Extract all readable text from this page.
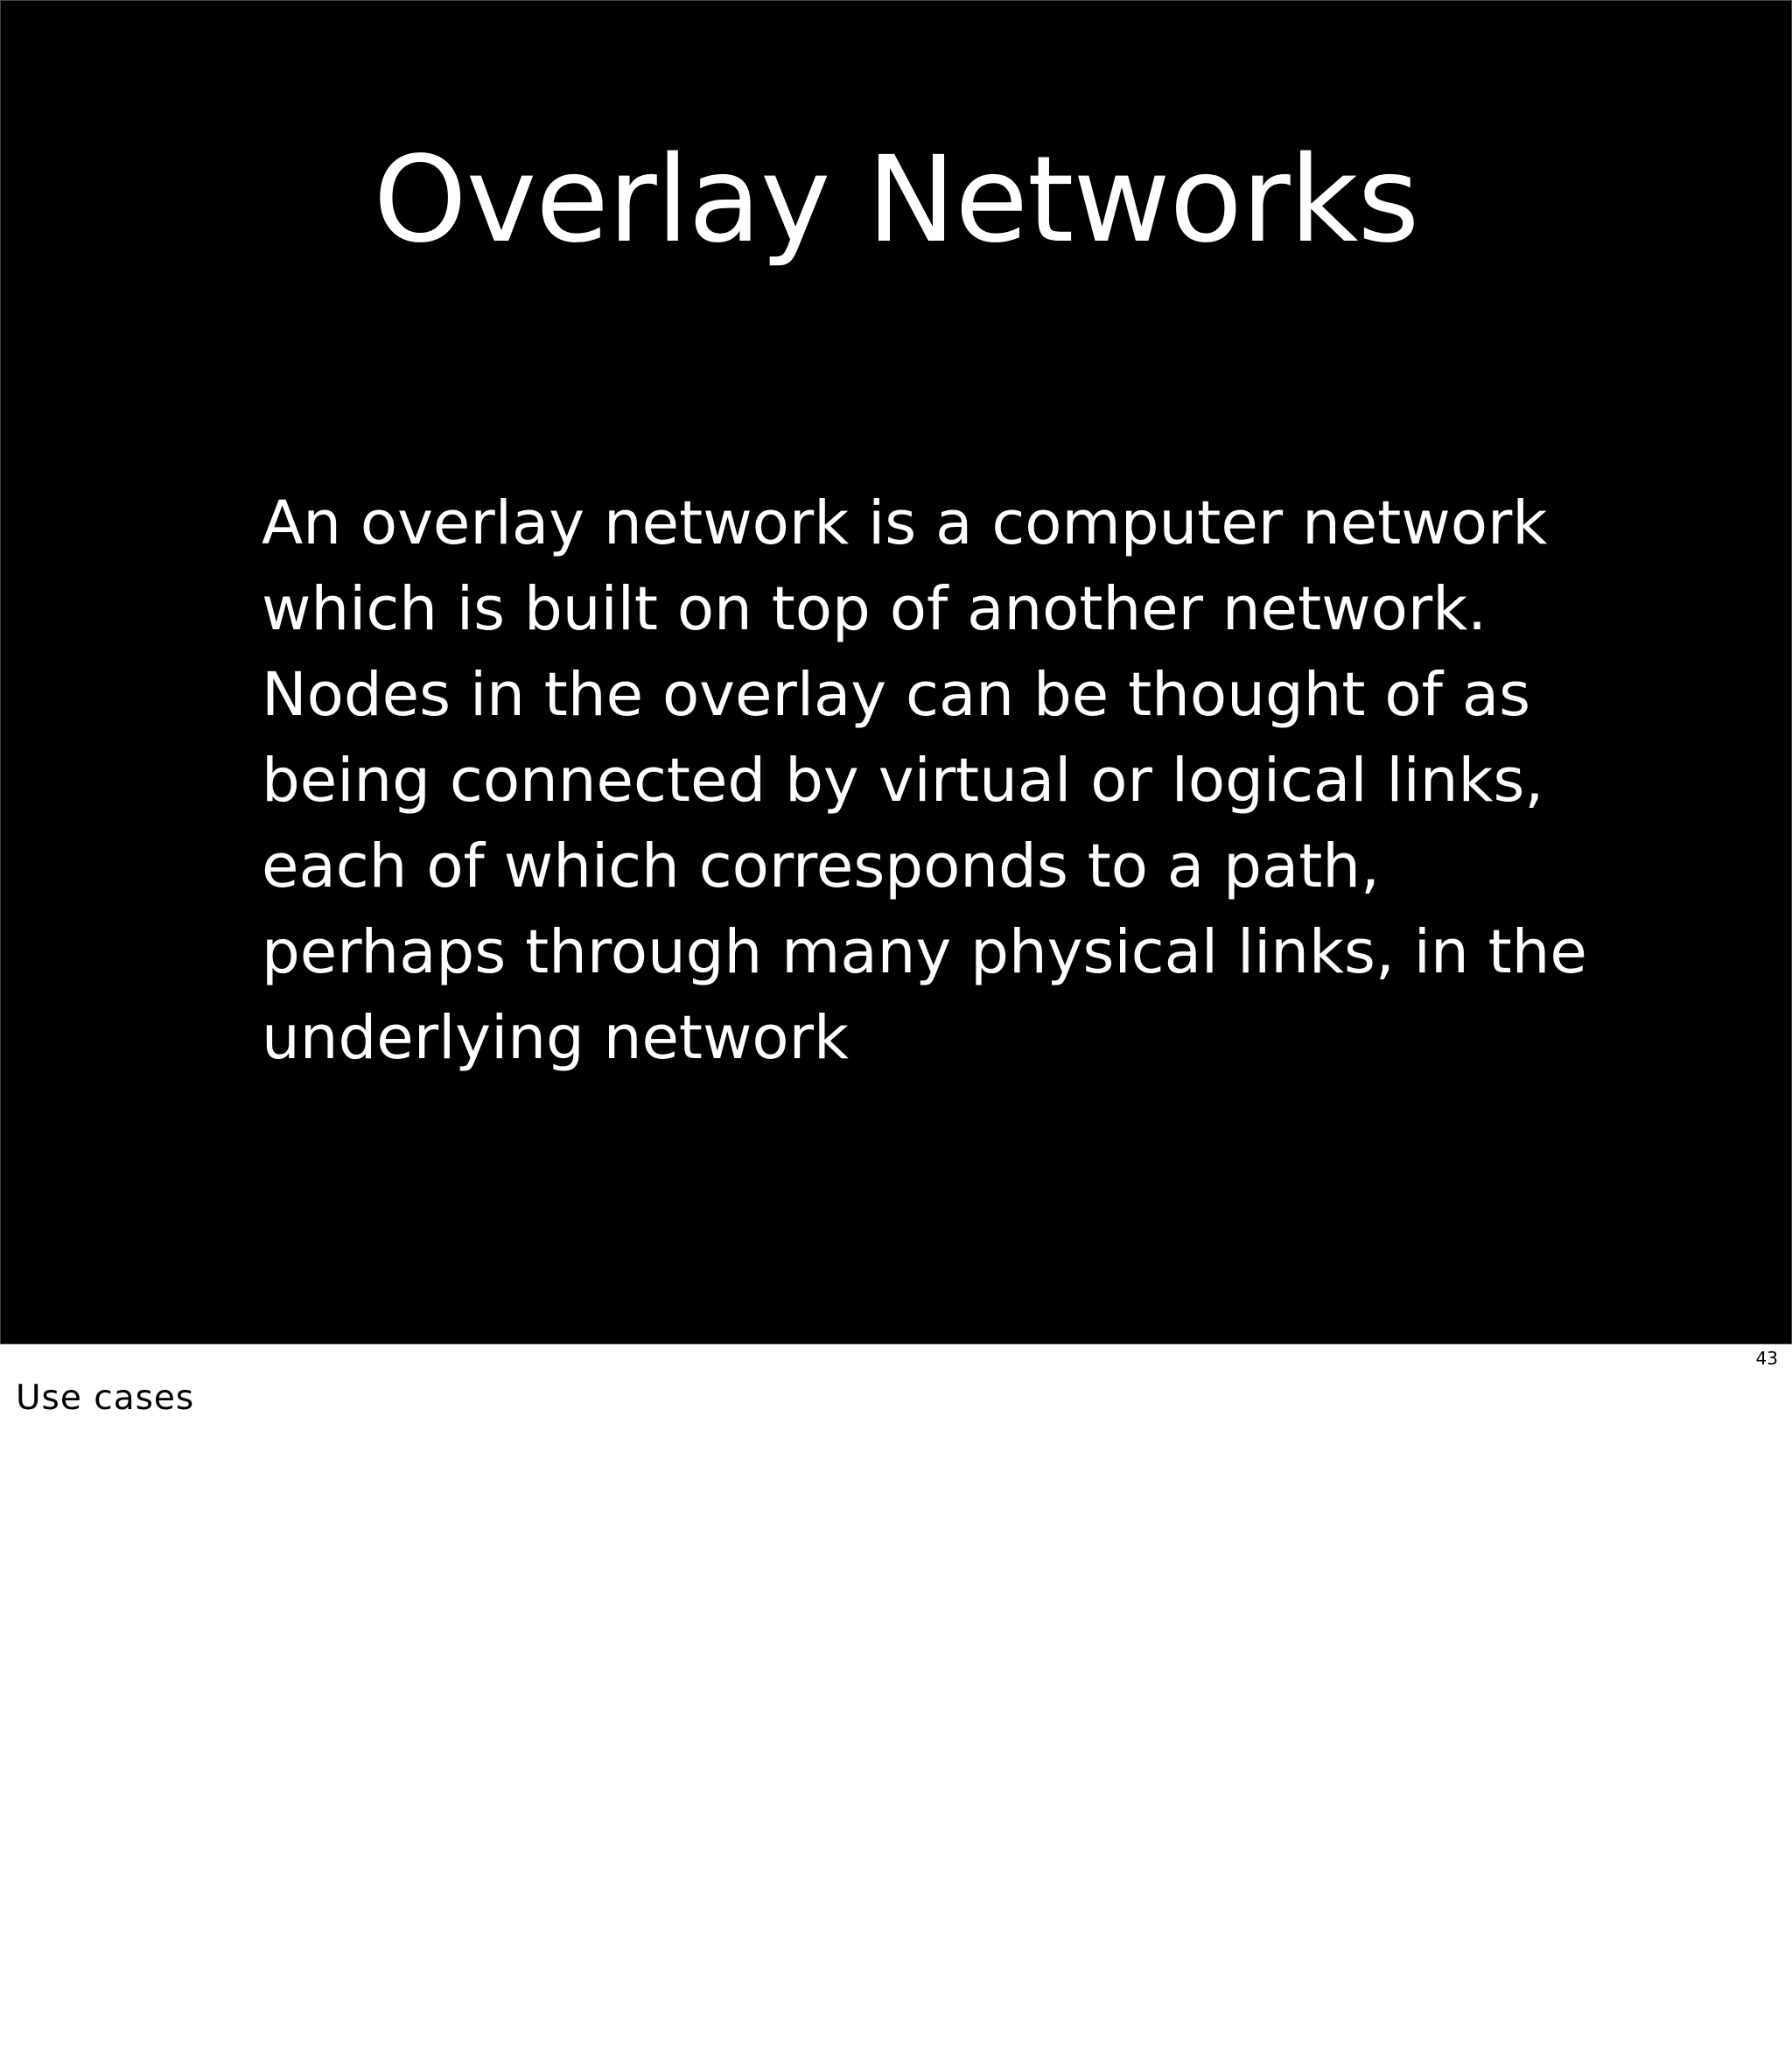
Overlay Networks

An overlay network is a computer network
which is built on top of another network.
Nodes in the overlay can be thought of as
being connected by virtual or logical links,
each of which corresponds to a path,
perhaps through many physical links, in the
underlying network

43
Use cases
